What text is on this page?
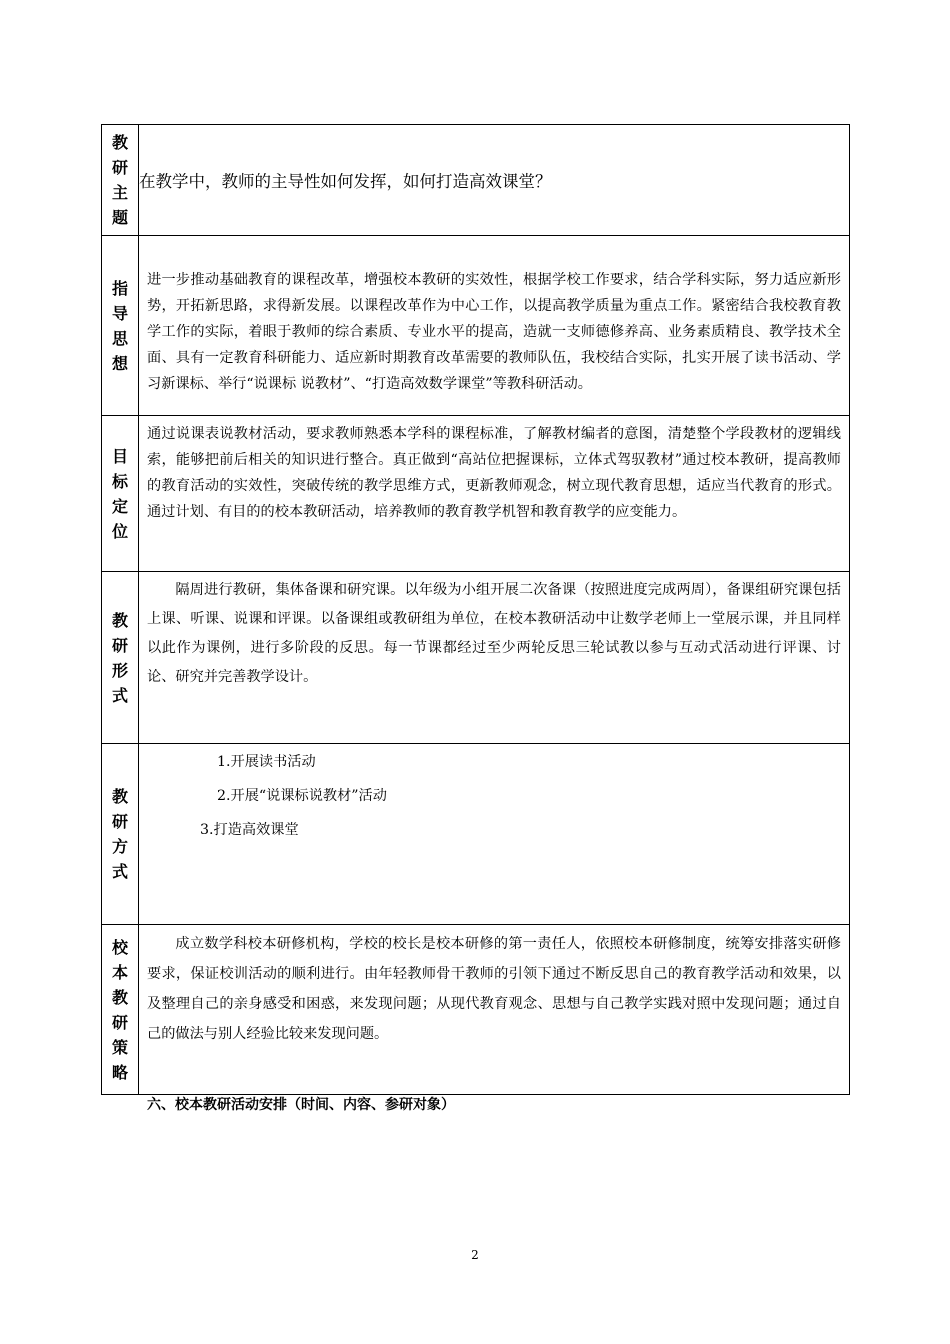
教研主题	在教学中，教师的主导性如何发挥，如何打造高效课堂？
指导思想	进一步推动基础教育的课程改革，增强校本教研的实效性，根据学校工作要求，结合学科实际，努力适应新形势，开拓新思路，求得新发展。以课程改革作为中心工作，以提高教学质量为重点工作。紧密结合我校教育教学工作的实际，着眼于教师的综合素质、专业水平的提高，造就一支师德修养高、业务素质精良、教学技术全面、具有一定教育科研能力、适应新时期教育改革需要的教师队伍，我校结合实际，扎实开展了读书活动、学习新课标、举行“说课标 说教材”、“打造高效数学课堂”等教科研活动。

目标定位	通过说课表说教材活动，要求教师熟悉本学科的课程标准，了解教材编者的意图，清楚整个学段教材的逻辑线索，能够把前后相关的知识进行整合。真正做到“高站位把握课标，立体式驾驭教材”通过校本教研，提高教师的教育活动的实效性，突破传统的教学思维方式，更新教师观念，树立现代教育思想，适应当代教育的形式。通过计划、有目的的校本教研活动，培养教师的教育教学机智和教育教学的应变能力。

教研形式	隔周进行教研，集体备课和研究课。以年级为小组开展二次备课（按照进度完成两周），备课组研究课包括上课、听课、说课和评课。以备课组或教研组为单位，在校本教研活动中让数学老师上一堂展示课，并且同样以此作为课例，进行多阶段的反思。每一节课都经过至少两轮反思三轮试教以参与互动式活动进行评课、讨论、研究并完善教学设计。

教研方式	1.开展读书活动
2.开展“说课标说教材”活动
3.打造高效课堂

校本教研策略	成立数学科校本研修机构，学校的校长是校本研修的第一责任人，依照校本研修制度，统筹安排落实研修要求，保证校训活动的顺利进行。由年轻教师骨干教师的引领下通过不断反思自己的教育教学活动和效果，以及整理自己的亲身感受和困惑，来发现问题；从现代教育观念、思想与自己教学实践对照中发现问题；通过自己的做法与别人经验比较来发现问题。
六、校本教研活动安排（时间、内容、参研对象）
2
